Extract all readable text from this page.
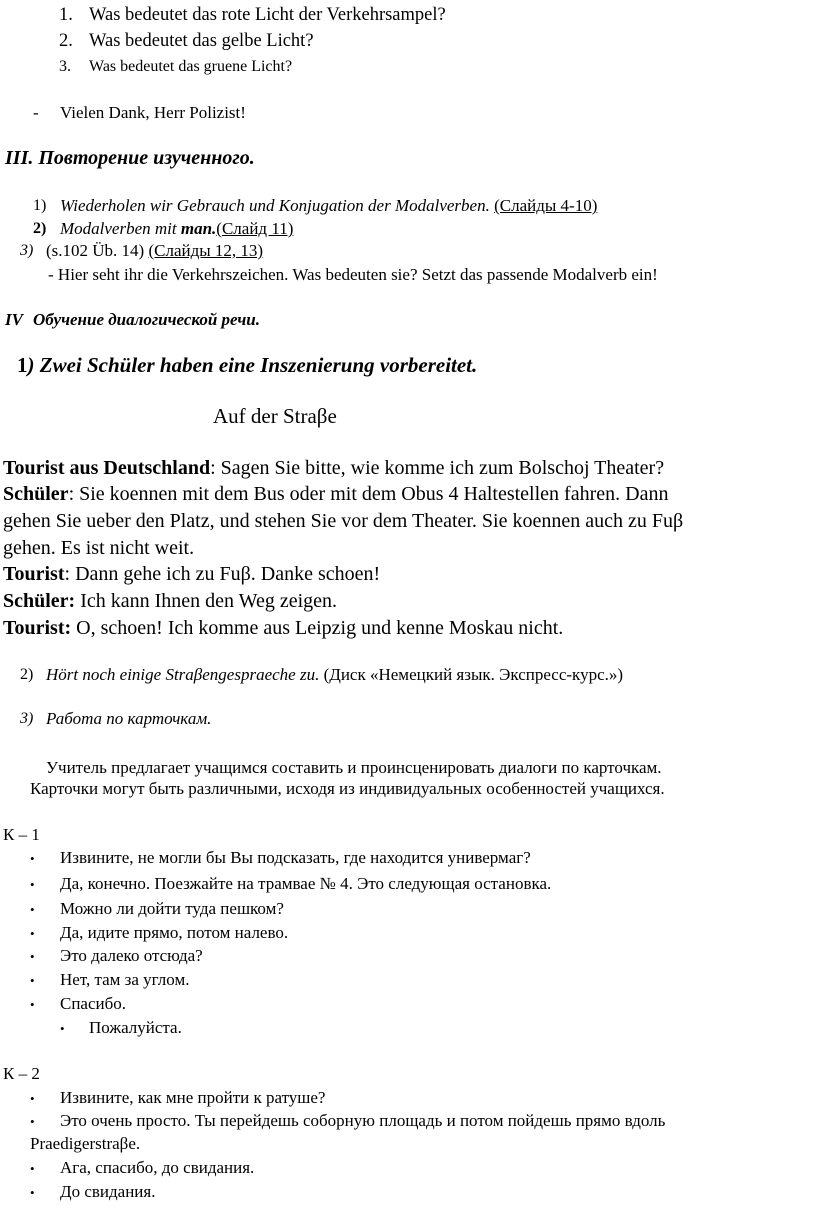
1. Was bedeutet das rote Licht der Verkehrsampel?
2. Was bedeutet das gelbe Licht?
3. Was bedeutet das gruene Licht?
- Vielen Dank, Herr Polizist!
III. Повторение изученного.
1) Wiederholen wir Gebrauch und Konjugation der Modalverben. (Слайды 4-10)
2) Modalverben mit man.(Слайд 11)
3) (s.102 Üb. 14) (Слайды 12, 13)
- Hier seht ihr die Verkehrszeichen. Was bedeuten sie? Setzt das passende Modalverb ein!
IV Обучение диалогической речи.
1) Zwei Schüler haben eine Inszenierung vorbereitet.
Auf der Straβe
Tourist aus Deutschland: Sagen Sie bitte, wie komme ich zum Bolschoj Theater?
Schüler: Sie koennen mit dem Bus oder mit dem Obus 4 Haltestellen fahren. Dann
gehen Sie ueber den Platz, und stehen Sie vor dem Theater. Sie koennen auch zu Fuβ
gehen. Es ist nicht weit.
Tourist: Dann gehe ich zu Fuβ. Danke schoen!
Schüler: Ich kann Ihnen den Weg zeigen.
Tourist: O, schoen! Ich komme aus Leipzig und kenne Moskau nicht.
2) Hört noch einige Straβengespraeche zu. (Диск «Немецкий язык. Экспресс-курс.»)
3) Работа по карточкам.
Учитель предлагает учащимся составить и проинсценировать диалоги по карточкам.
Карточки могут быть различными, исходя из индивидуальных особенностей учащихся.
К – 1
• Извините, не могли бы Вы подсказать, где находится универмаг?
• Да, конечно. Поезжайте на трамвае № 4. Это следующая остановка.
• Можно ли дойти туда пешком?
• Да, идите прямо, потом налево.
• Это далеко отсюда?
• Нет, там за углом.
• Спасибо.
• Пожалуйста.
К – 2
• Извините, как мне пройти к ратуше?
• Это очень просто. Ты перейдешь соборную площадь и потом пойдешь прямо вдоль
Praedigerstraβe.
• Ага, спасибо, до свидания.
• До свидания.
